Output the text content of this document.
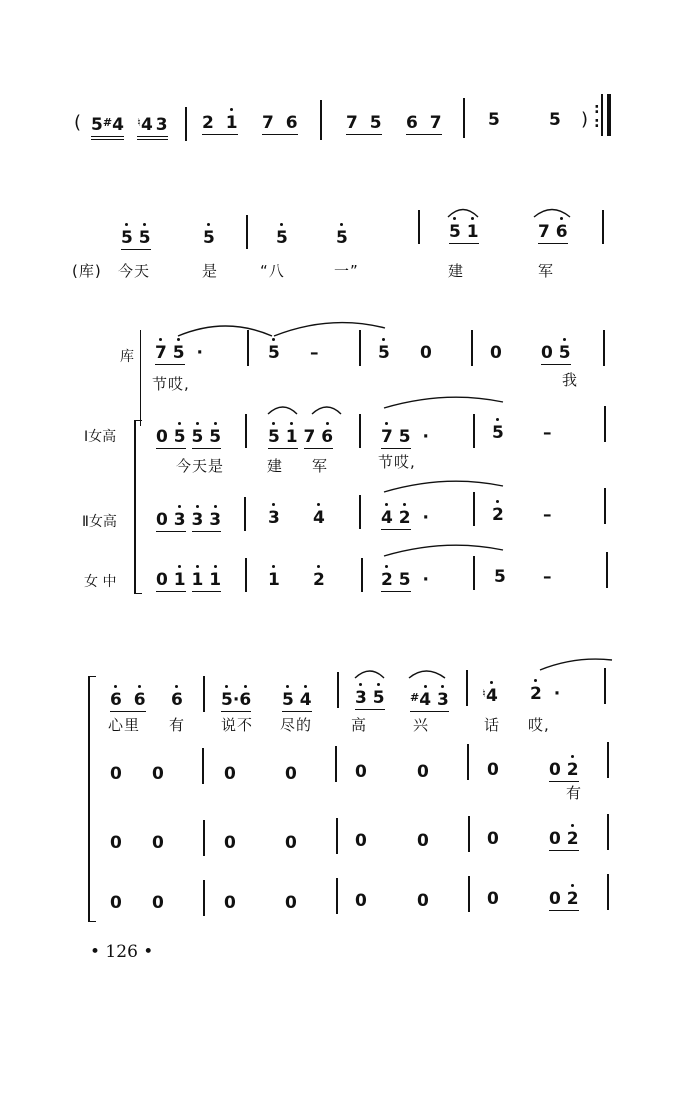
( 5#4 ♮4 3 2 1 7 6	7 5 6 7	5	5 ) :
:
5 5	5	5	5	5 1	7 6
(库) 今天	是	“八	一”	建	军
库
Ⅰ女高
Ⅱ女高
女 中
7 5 ·	5 –	5 0	0 0 5
节哎,	我
0 5 5 5	5 1 7 6	7 5 ·	5 –
今天是	建 军	节哎,
0 3 3 3	3 4	4 2 ·	2 –
0 1 1 1	1 2	2 5 ·	5 –
6 6 6 5·6 5 4	3 5 #4 3	♮4 2 ·
心里 有 说不 尽的	高	兴	话 哎,
0 0	0	0	0	0	0	0 2
有
0 0	0	0	0	0	0	0 2
0 0	0	0	0	0	0	0 2
• 126 •
